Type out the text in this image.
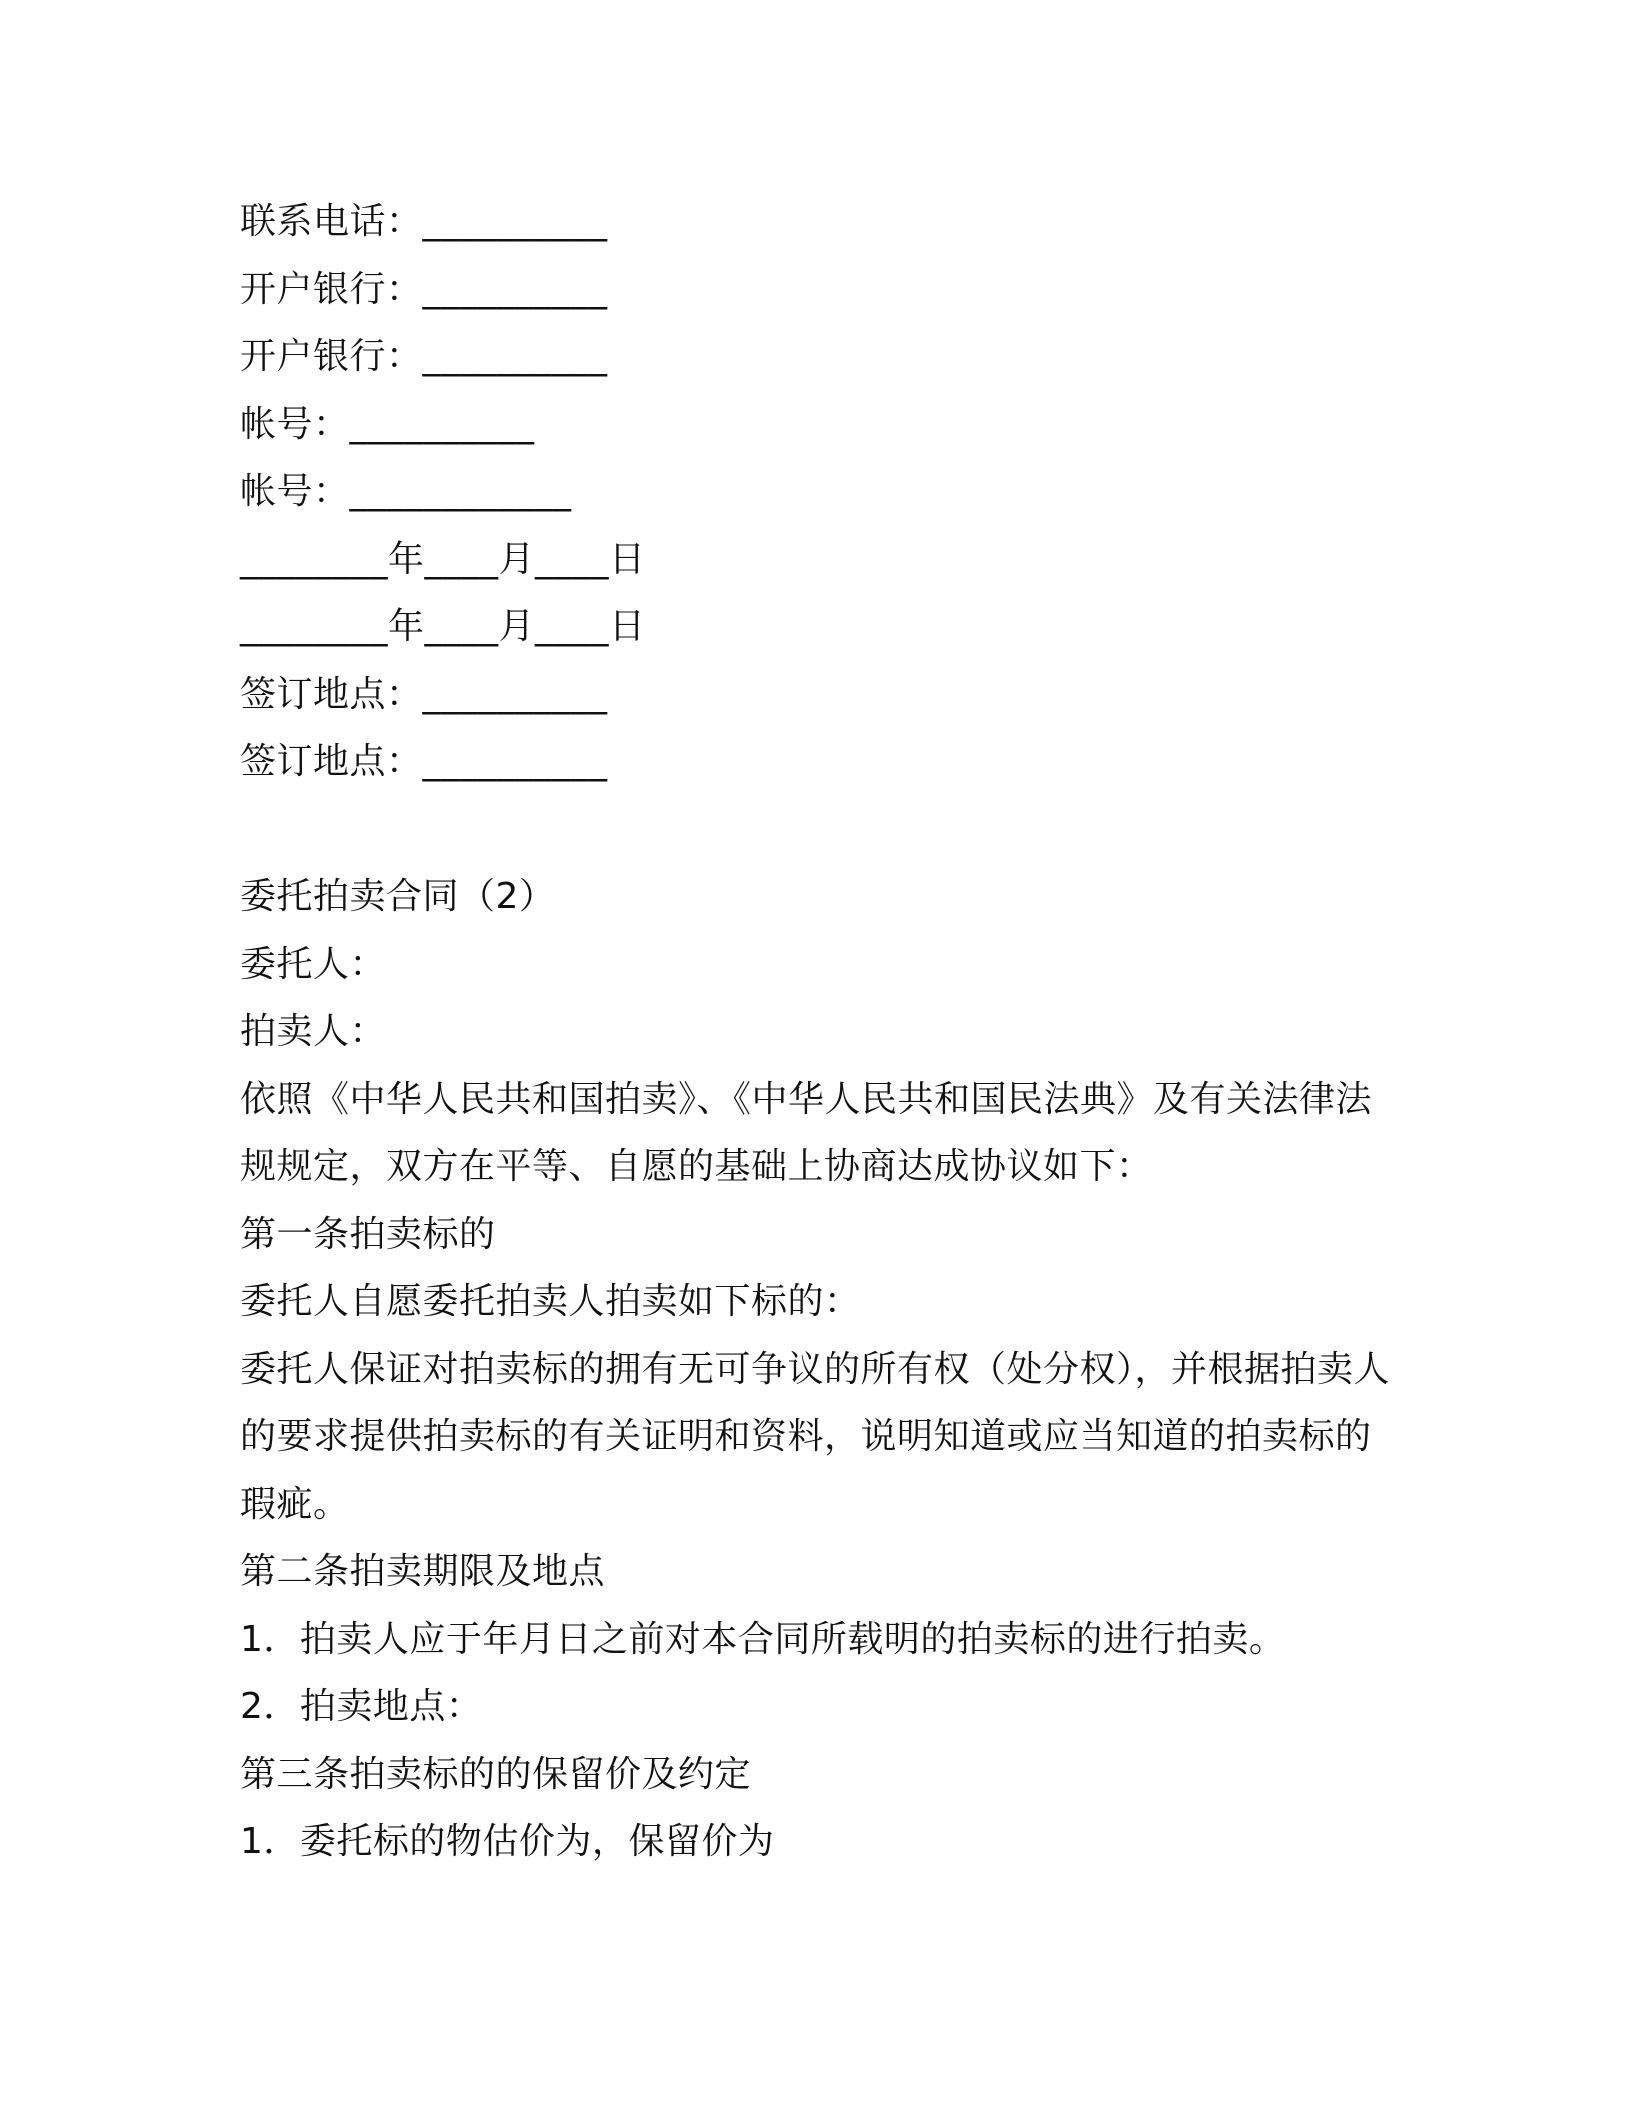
联系电话：__________
开户银行：__________
开户银行：__________
帐号：__________
帐号：____________
________年____月____日
________年____月____日
签订地点：__________
签订地点：__________
委托拍卖合同（2）
委托人：
拍卖人：
依照《中华人民共和国拍卖》、《中华人民共和国民法典》及有关法律法规规定，双方在平等、自愿的基础上协商达成协议如下：
第一条拍卖标的
委托人自愿委托拍卖人拍卖如下标的：
委托人保证对拍卖标的拥有无可争议的所有权（处分权），并根据拍卖人的要求提供拍卖标的有关证明和资料，说明知道或应当知道的拍卖标的瑕疵。
第二条拍卖期限及地点
1．拍卖人应于年月日之前对本合同所载明的拍卖标的进行拍卖。
2．拍卖地点：
第三条拍卖标的的保留价及约定
1．委托标的物估价为，保留价为
